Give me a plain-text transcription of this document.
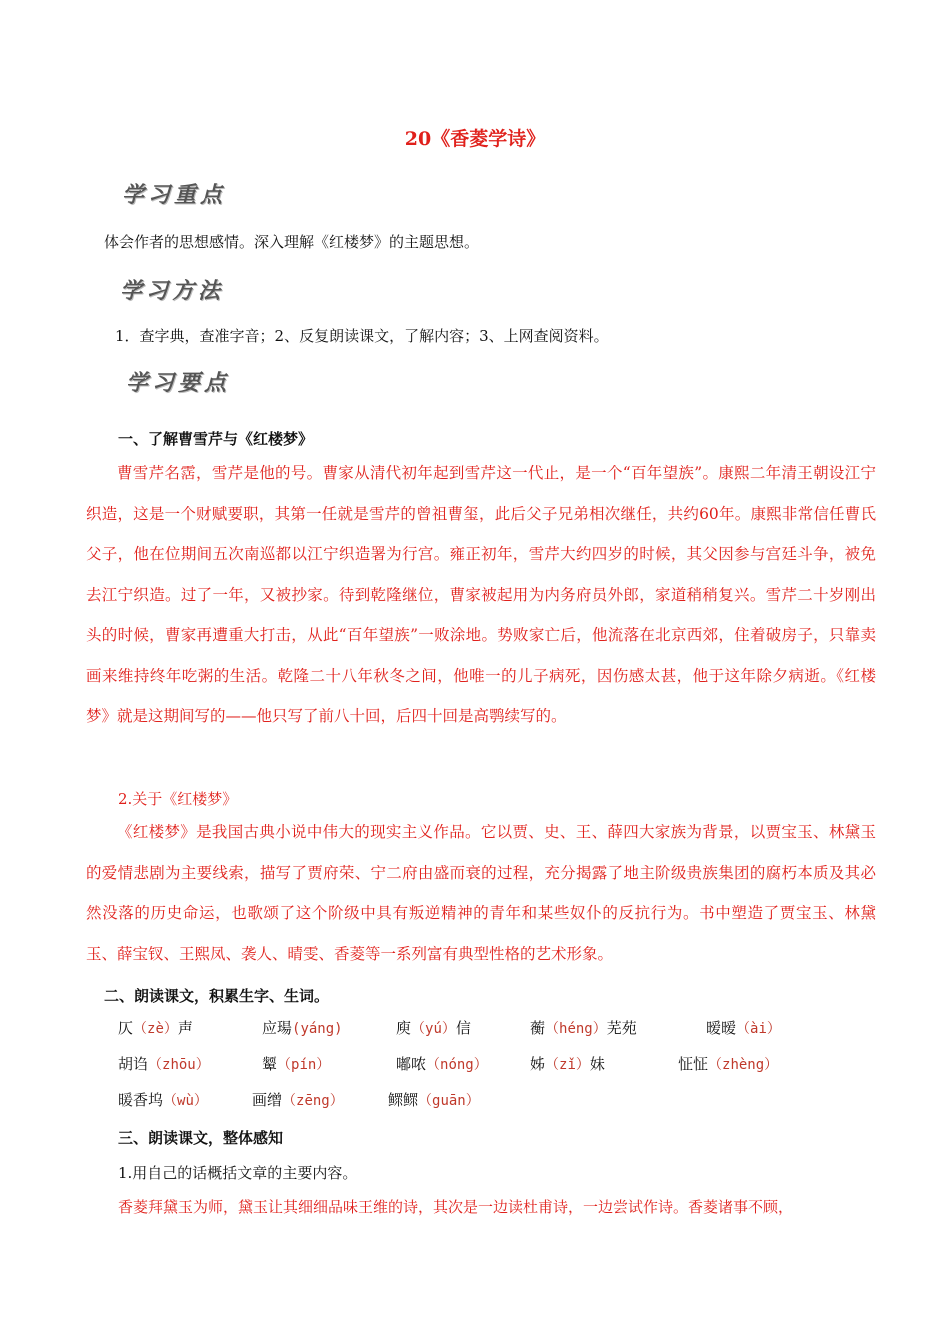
20《香菱学诗》
学习重点
体会作者的思想感情。深入理解《红楼梦》的主题思想。
学习方法
1．查字典，查准字音；2、反复朗读课文，了解内容；3、上网查阅资料。
学习要点
一、了解曹雪芹与《红楼梦》
曹雪芹名霑，雪芹是他的号。曹家从清代初年起到雪芹这一代止，是一个“百年望族”。康熙二年清王朝设江宁织造，这是一个财赋要职，其第一任就是雪芹的曾祖曹玺，此后父子兄弟相次继任，共约60年。康熙非常信任曹氏父子，他在位期间五次南巡都以江宁织造署为行宫。雍正初年，雪芹大约四岁的时候，其父因参与宫廷斗争，被免去江宁织造。过了一年，又被抄家。待到乾隆继位，曹家被起用为内务府员外郎，家道稍稍复兴。雪芹二十岁刚出头的时候，曹家再遭重大打击，从此“百年望族”一败涂地。势败家亡后，他流落在北京西郊，住着破房子，只靠卖画来维持终年吃粥的生活。乾隆二十八年秋冬之间，他唯一的儿子病死，因伤感太甚，他于这年除夕病逝。《红楼梦》就是这期间写的——他只写了前八十回，后四十回是高鹗续写的。
2.关于《红楼梦》
《红楼梦》是我国古典小说中伟大的现实主义作品。它以贾、史、王、薛四大家族为背景，以贾宝玉、林黛玉的爱情悲剧为主要线索，描写了贾府荣、宁二府由盛而衰的过程，充分揭露了地主阶级贵族集团的腐朽本质及其必然没落的历史命运，也歌颂了这个阶级中具有叛逆精神的青年和某些奴仆的反抗行为。书中塑造了贾宝玉、林黛玉、薛宝钗、王熙凤、袭人、晴雯、香菱等一系列富有典型性格的艺术形象。
二、朗读课文，积累生字、生词。
仄（zè）声	应瑒(yáng)	庾（yú）信	蘅（héng）芜苑	暧暧（ài）
胡诌（zhōu）	颦（pín）	嘟哝（nóng）	姊（zǐ）妹	怔怔（zhèng）
暖香坞（wù）	画缯（zēng）	鳏鳏（guān）
三、朗读课文，整体感知
1.用自己的话概括文章的主要内容。
香菱拜黛玉为师，黛玉让其细细品味王维的诗，其次是一边读杜甫诗，一边尝试作诗。香菱诸事不顾，
